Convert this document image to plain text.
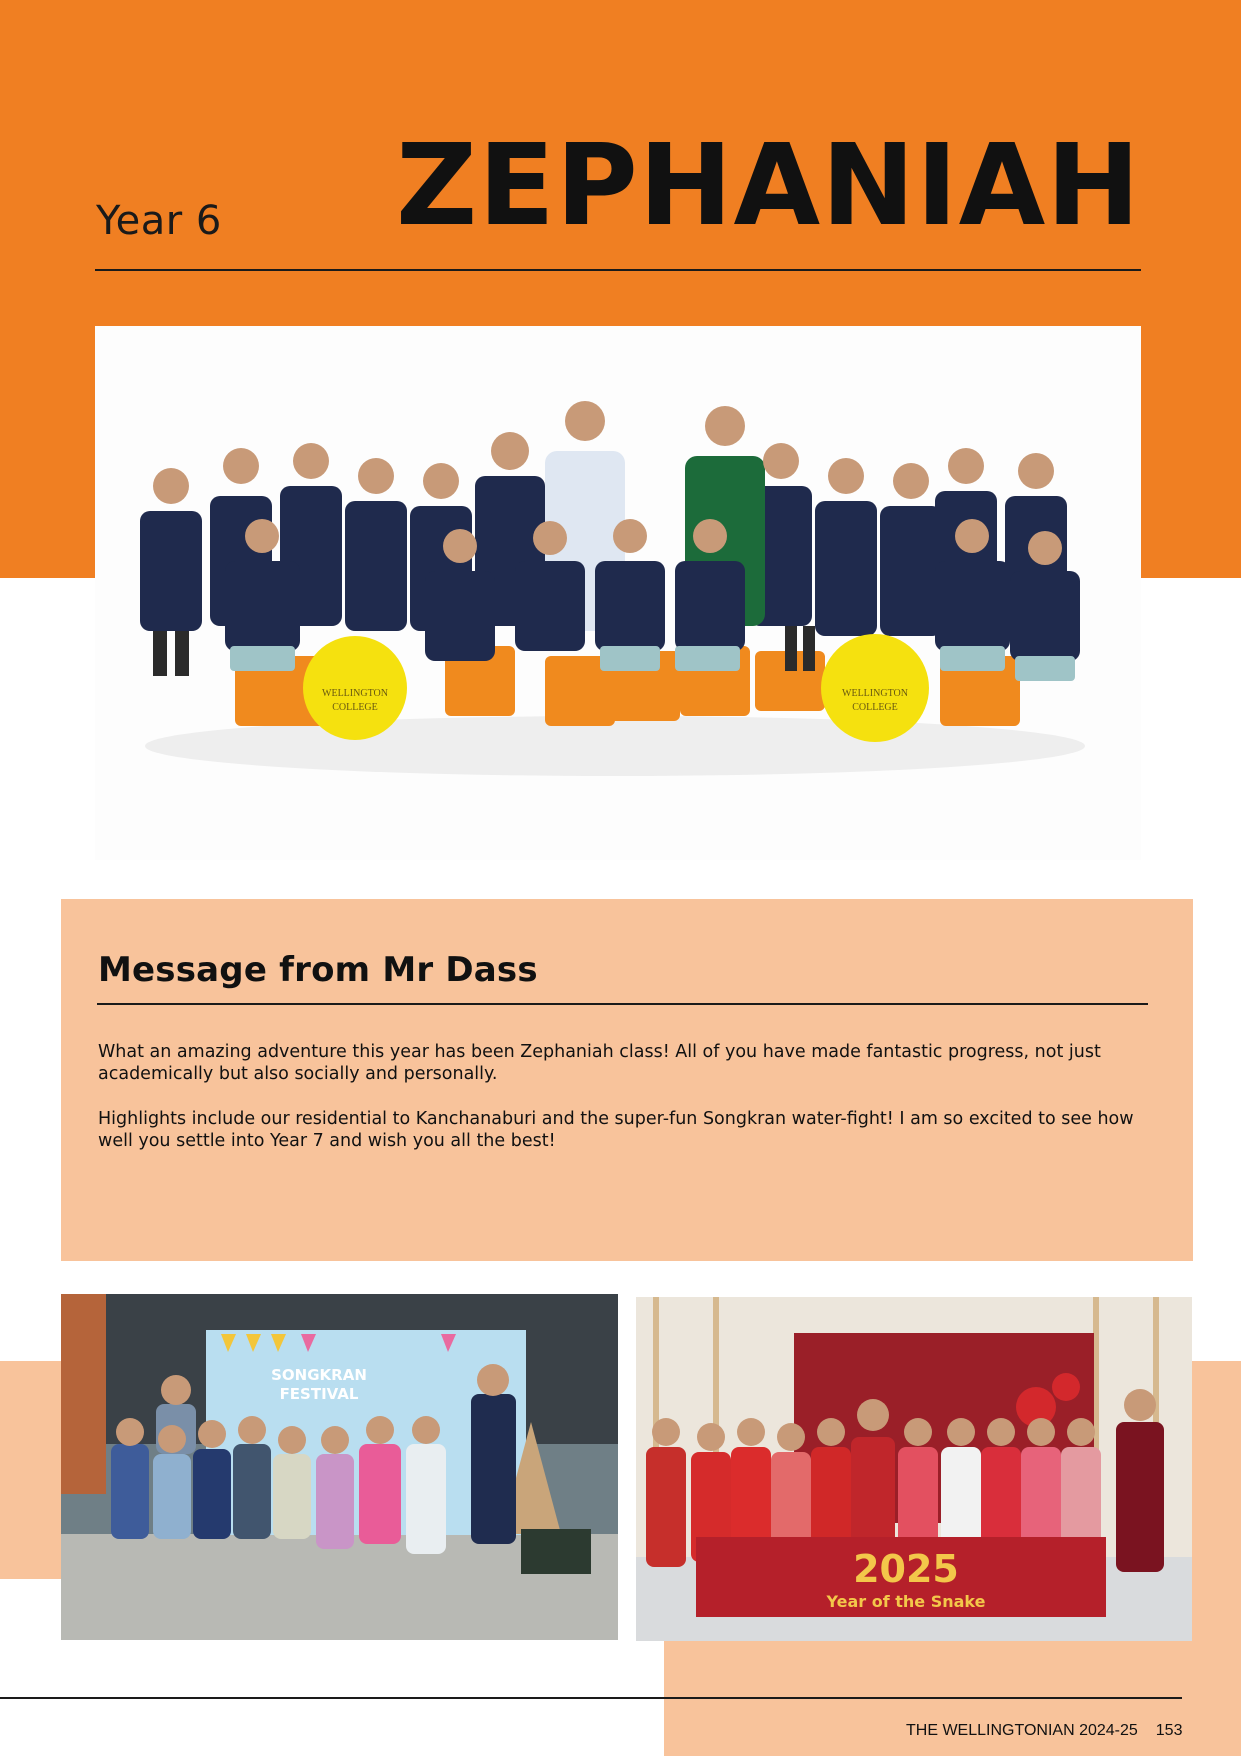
Year 6 ZEPHANIAH
WELLINGTON
COLLEGE
WELLINGTON
COLLEGE
Message from Mr Dass
What an amazing adventure this year has been Zephaniah class! All of you have made fantastic progress, not just academically but also socially and personally.
Highlights include our residential to Kanchanaburi and the super-fun Songkran water-fight! I am so excited to see how well you settle into Year 7 and wish you all the best!
SONGKRAN
FESTIVAL
2025
Year of the Snake
THE WELLINGTONIAN 2024-25 153
